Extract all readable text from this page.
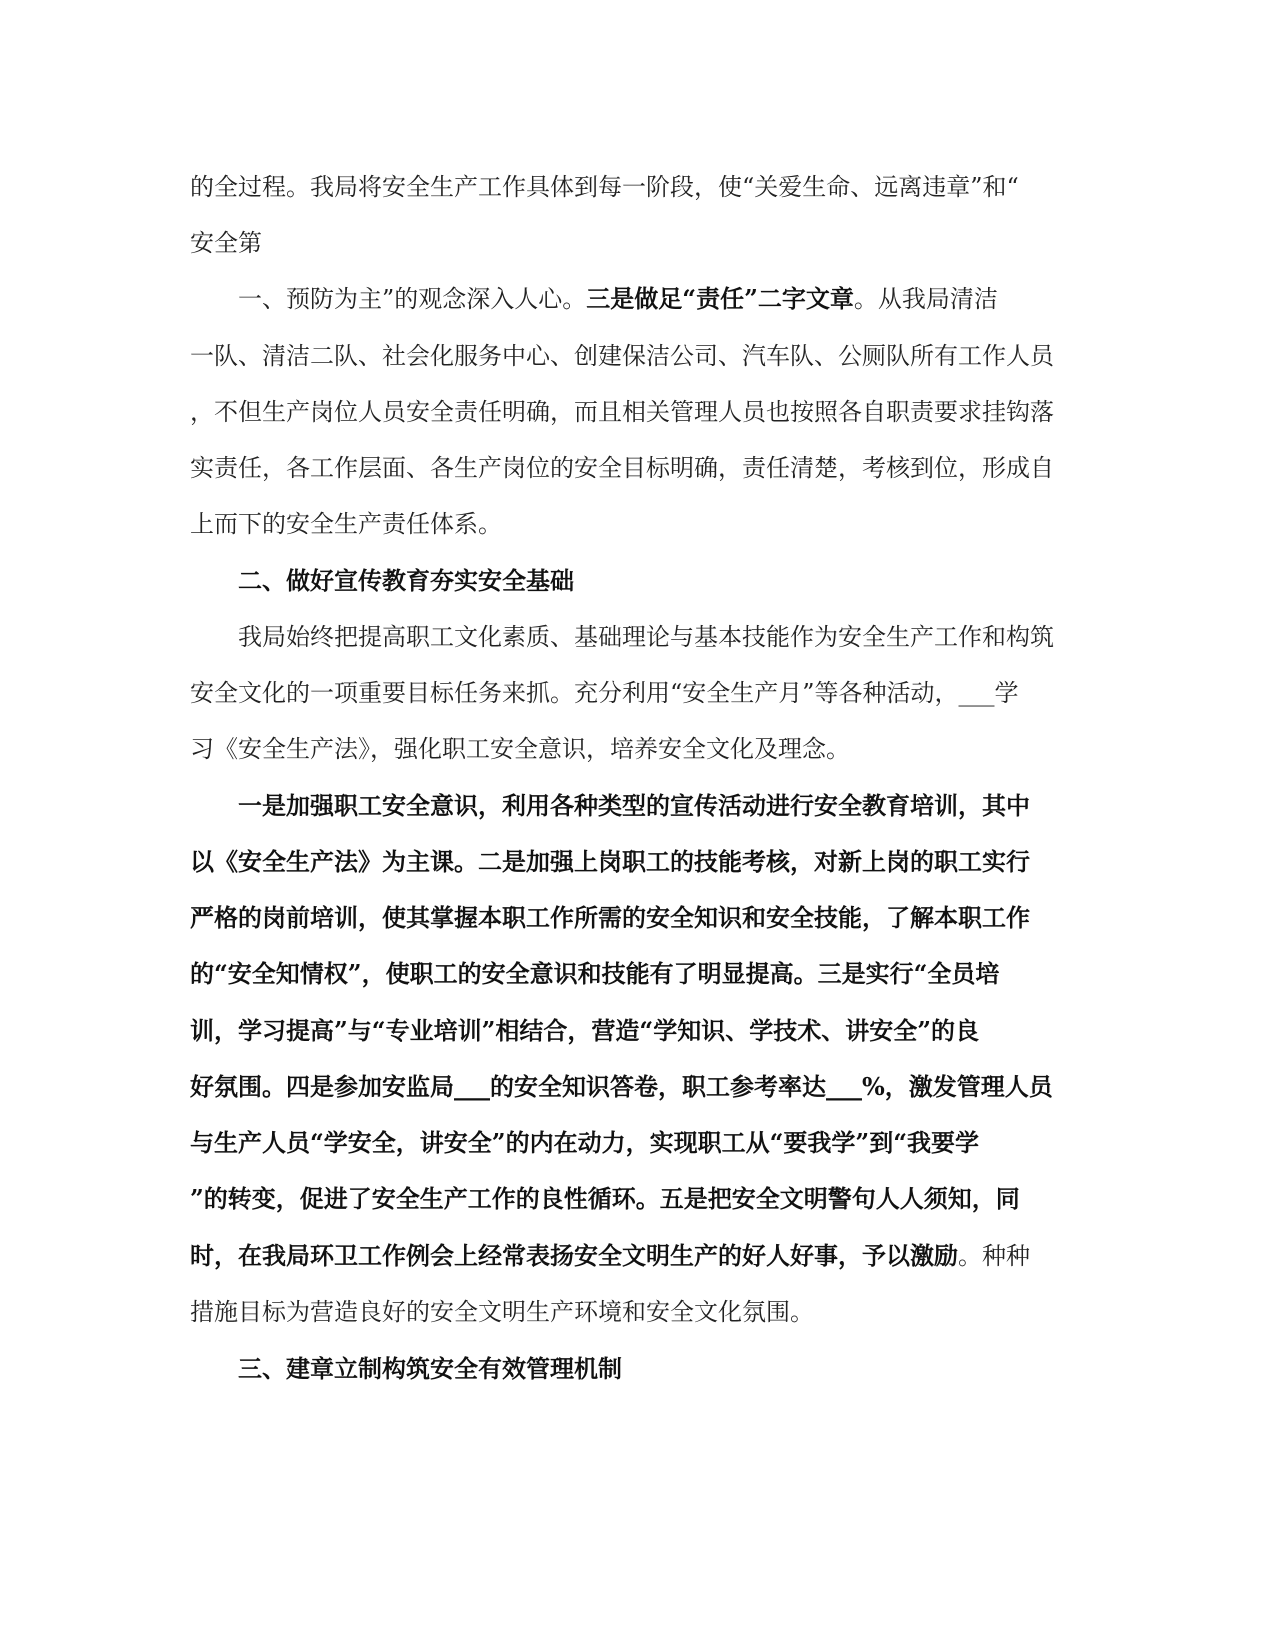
的全过程。我局将安全生产工作具体到每一阶段，使“关爱生命、远离违章”和“
安全第
一、预防为主”的观念深入人心。三是做足“责任”二字文章。从我局清洁
一队、清洁二队、社会化服务中心、创建保洁公司、汽车队、公厕队所有工作人员
，不但生产岗位人员安全责任明确，而且相关管理人员也按照各自职责要求挂钩落
实责任，各工作层面、各生产岗位的安全目标明确，责任清楚，考核到位，形成自
上而下的安全生产责任体系。
二、做好宣传教育夯实安全基础
我局始终把提高职工文化素质、基础理论与基本技能作为安全生产工作和构筑
安全文化的一项重要目标任务来抓。充分利用“安全生产月”等各种活动，___学
习《安全生产法》，强化职工安全意识，培养安全文化及理念。
一是加强职工安全意识，利用各种类型的宣传活动进行安全教育培训，其中
以《安全生产法》为主课。二是加强上岗职工的技能考核，对新上岗的职工实行
严格的岗前培训，使其掌握本职工作所需的安全知识和安全技能，了解本职工作
的“安全知情权”，使职工的安全意识和技能有了明显提高。三是实行“全员培
训，学习提高”与“专业培训”相结合，营造“学知识、学技术、讲安全”的良
好氛围。四是参加安监局___的安全知识答卷，职工参考率达___%，激发管理人员
与生产人员“学安全，讲安全”的内在动力，实现职工从“要我学”到“我要学
”的转变，促进了安全生产工作的良性循环。五是把安全文明警句人人须知，同
时，在我局环卫工作例会上经常表扬安全文明生产的好人好事，予以激励。种种
措施目标为营造良好的安全文明生产环境和安全文化氛围。
三、建章立制构筑安全有效管理机制
